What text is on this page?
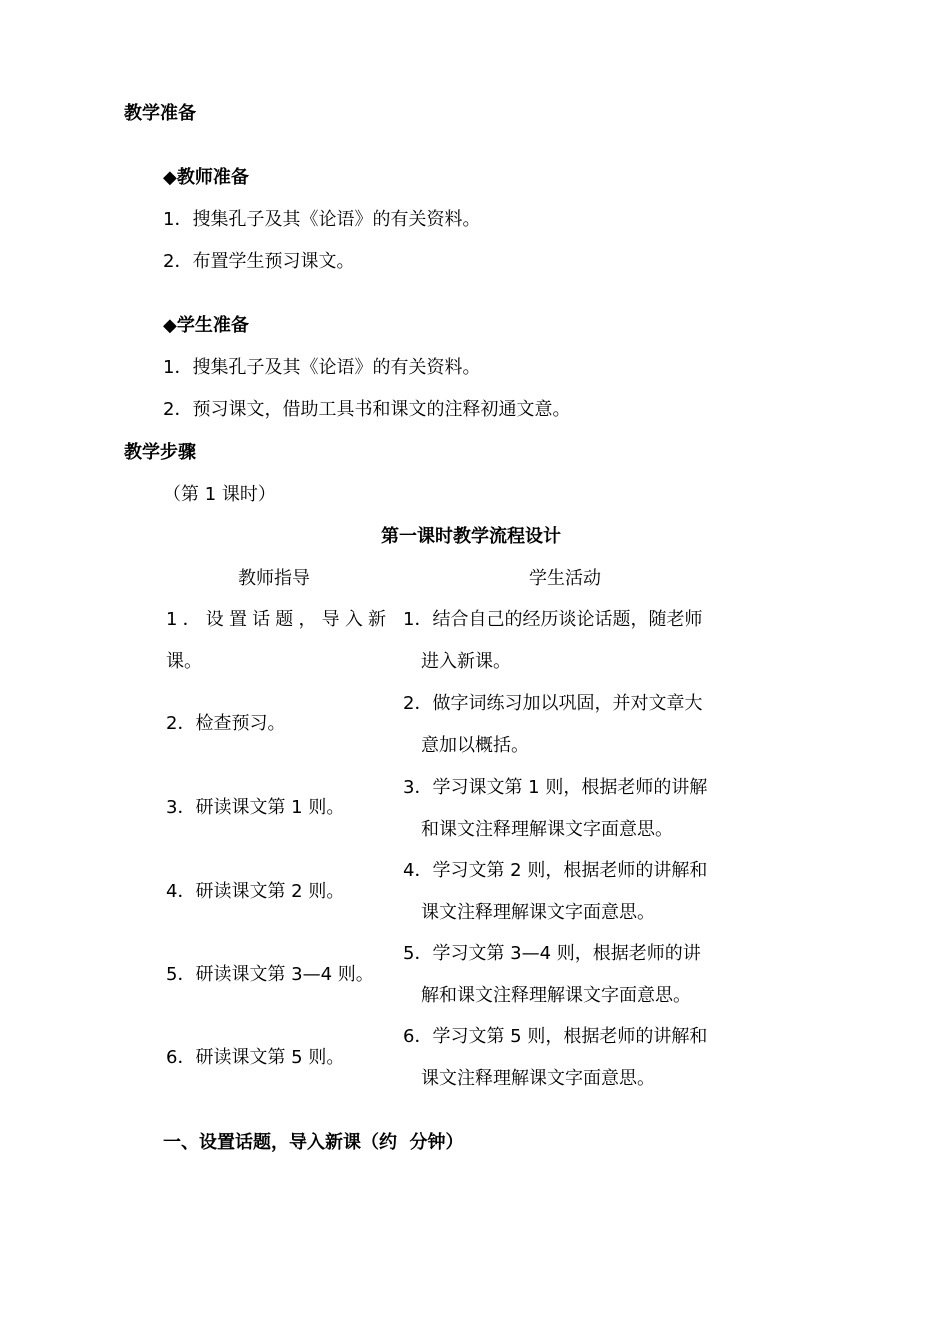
教学准备
◆教师准备
1．搜集孔子及其《论语》的有关资料。
2．布置学生预习课文。
◆学生准备
1．搜集孔子及其《论语》的有关资料。
2．预习课文，借助工具书和课文的注释初通文意。
教学步骤
（第 1 课时）
第一课时教学流程设计
教师指导	学生活动
1．设置话题，导入新
课。
1．结合自己的经历谈论话题，随老师
进入新课。
2．检查预习。
2．做字词练习加以巩固，并对文章大
意加以概括。
3．研读课文第 1 则。
3．学习课文第 1 则，根据老师的讲解
和课文注释理解课文字面意思。
4．研读课文第 2 则。
4．学习文第 2 则，根据老师的讲解和
课文注释理解课文字面意思。
5．研读课文第 3—4 则。
5．学习文第 3—4 则，根据老师的讲
解和课文注释理解课文字面意思。
6．研读课文第 5 则。
6．学习文第 5 则，根据老师的讲解和
课文注释理解课文字面意思。
一、设置话题，导入新课（约  分钟）
